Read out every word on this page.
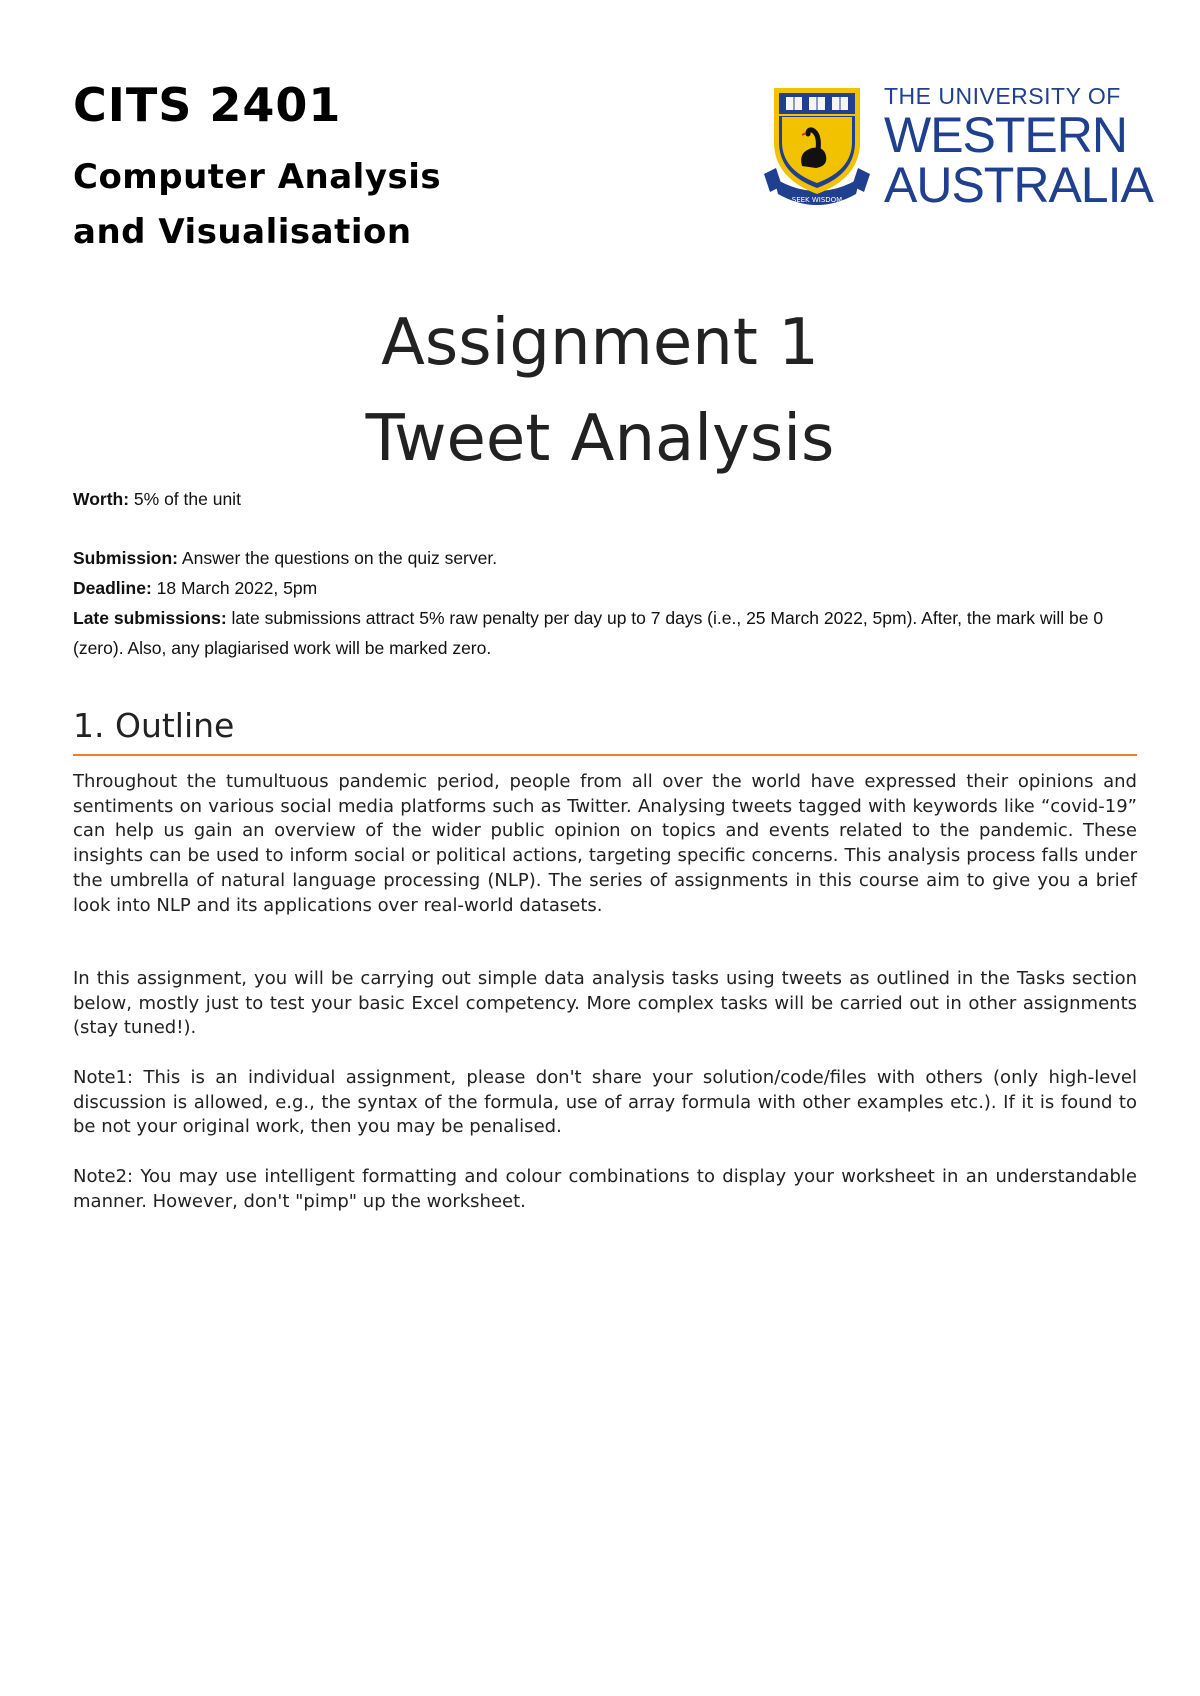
CITS 2401
Computer Analysis
and Visualisation
SEEK WISDOM
THE UNIVERSITY OF
WESTERN
AUSTRALIA
Assignment 1
Tweet Analysis
Worth: 5% of the unit
Submission: Answer the questions on the quiz server.
Deadline: 18 March 2022, 5pm
Late submissions: late submissions attract 5% raw penalty per day up to 7 days (i.e., 25 March 2022, 5pm). After, the mark will be 0 (zero). Also, any plagiarised work will be marked zero.
1. Outline

Throughout the tumultuous pandemic period, people from all over the world have expressed their opinions and sentiments on various social media platforms such as Twitter. Analysing tweets tagged with keywords like “covid-19” can help us gain an overview of the wider public opinion on topics and events related to the pandemic. These insights can be used to inform social or political actions, targeting specific concerns. This analysis process falls under the umbrella of natural language processing (NLP). The series of assignments in this course aim to give you a brief look into NLP and its applications over real-world datasets.

In this assignment, you will be carrying out simple data analysis tasks using tweets as outlined in the Tasks section below, mostly just to test your basic Excel competency. More complex tasks will be carried out in other assignments (stay tuned!).

Note1: This is an individual assignment, please don't share your solution/code/files with others (only high-level discussion is allowed, e.g., the syntax of the formula, use of array formula with other examples etc.). If it is found to be not your original work, then you may be penalised.

Note2: You may use intelligent formatting and colour combinations to display your worksheet in an understandable manner. However, don't "pimp" up the worksheet.
